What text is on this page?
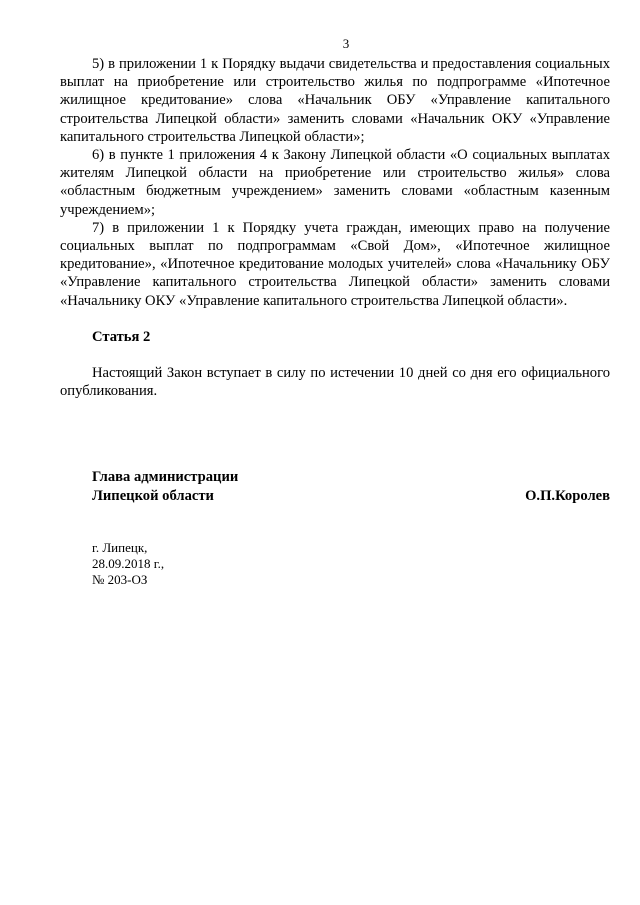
3

5) в приложении 1 к Порядку выдачи свидетельства и предоставления социальных выплат на приобретение или строительство жилья по подпрограмме «Ипотечное жилищное кредитование» слова «Начальник ОБУ «Управление капитального строительства Липецкой области» заменить словами «Начальник ОКУ «Управление капитального строительства Липецкой области»;

6) в пункте 1 приложения 4 к Закону Липецкой области «О социальных выплатах жителям Липецкой области на приобретение или строительство жилья» слова «областным бюджетным учреждением» заменить словами «областным казенным учреждением»;

7) в приложении 1 к Порядку учета граждан, имеющих право на получение социальных выплат по подпрограммам «Свой Дом», «Ипотечное жилищное кредитование», «Ипотечное кредитование молодых учителей» слова «Начальнику ОБУ «Управление капитального строительства Липецкой области» заменить словами «Начальнику ОКУ «Управление капитального строительства Липецкой области».

Статья 2

Настоящий Закон вступает в силу по истечении 10 дней со дня его официального опубликования.

Глава администрации
Липецкой области	О.П.Королев
г. Липецк,
28.09.2018 г.,
№ 203-ОЗ
